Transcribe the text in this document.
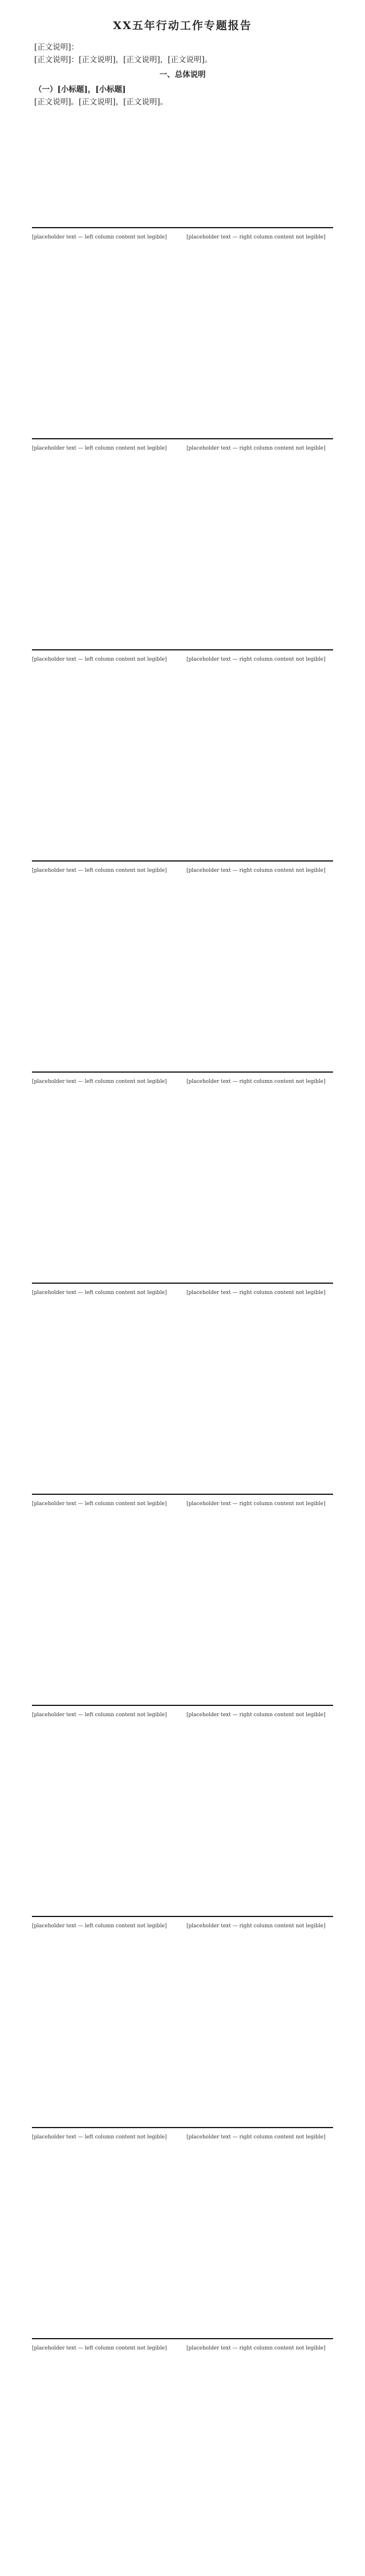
XX五年行动工作专题报告
[正文说明]：
[正文说明]：[正文说明]，[正文说明]，[正文说明]。
一、总体说明
（一）[小标题]，[小标题]
[正文说明]。[正文说明]，[正文说明]。
[placeholder text — left column content not legible]	[placeholder text — right column content not legible]
[placeholder text — left column content not legible]	[placeholder text — right column content not legible]
[placeholder text — left column content not legible]	[placeholder text — right column content not legible]
[placeholder text — left column content not legible]	[placeholder text — right column content not legible]
[placeholder text — left column content not legible]	[placeholder text — right column content not legible]
[placeholder text — left column content not legible]	[placeholder text — right column content not legible]
[placeholder text — left column content not legible]	[placeholder text — right column content not legible]
[placeholder text — left column content not legible]	[placeholder text — right column content not legible]
[placeholder text — left column content not legible]	[placeholder text — right column content not legible]
[placeholder text — left column content not legible]	[placeholder text — right column content not legible]
[placeholder text — left column content not legible]	[placeholder text — right column content not legible]
